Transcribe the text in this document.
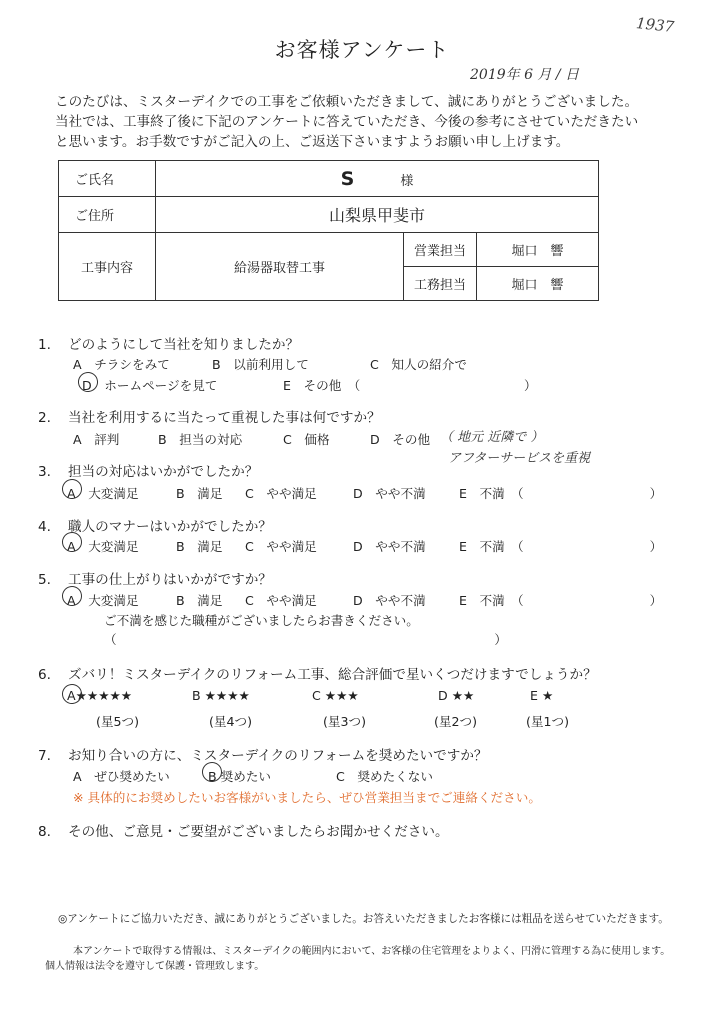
1937
お客様アンケート
2019年 6 月 / 日
このたびは、ミスターデイクでの工事をご依頼いただきまして、誠にありがとうございました。
当社では、工事終了後に下記のアンケートに答えていただき、今後の参考にさせていただきたい
と思います。お手数ですがご記入の上、ご返送下さいますようお願い申し上げます。
ご氏名	S 様		
ご住所	山梨県甲斐市		
工事内容	給湯器取替工事	営業担当	堀口　響
		工務担当	堀口　響
1. どのようにして当社を知りましたか？
A　チラシをみて	B　以前利用して	C　知人の紹介で
D　ホームページを見て	E　その他　（　　　　　　　　　　　　　）
2. 当社を利用するに当たって重視した事は何ですか？
A　評判	B　担当の対応	C　価格	D　その他 （ 地元 近隣で ）
アフターサービスを重視
3. 担当の対応はいかがでしたか？
A　大変満足	B　満足 C　やや満足	D　やや不満	E　不満　（　　　　　　　　　　）
4. 職人のマナーはいかがでしたか？
A　大変満足	B　満足 C　やや満足	D　やや不満	E　不満　（　　　　　　　　　　）
5. 工事の仕上がりはいかがですか？
A　大変満足	B　満足 C　やや満足	D　やや不満	E　不満　（　　　　　　　　　　）
ご不満を感じた職種がございましたらお書きください。
（　　　　　　　　　　　　　　　　　　　　　　　　　　　　　　）
6. ズバリ！ミスターデイクのリフォーム工事、総合評価で星いくつだけますでしょうか？
A★★★★★	B ★★★★	C ★★★	D ★★	E ★
(星5つ)	(星4つ)	(星3つ)	(星2つ)	(星1つ)
7. お知り合いの方に、ミスターデイクのリフォームを奨めたいですか？
A　ぜひ奨めたい	B 奨めたい	C　奨めたくない
※ 具体的にお奨めしたいお客様がいましたら、ぜひ営業担当までご連絡ください。
8. その他、ご意見・ご要望がございましたらお聞かせください。
◎アンケートにご協力いただき、誠にありがとうございました。お答えいただきましたお客様には粗品を送らせていただきます。
本アンケートで取得する情報は、ミスターデイクの範囲内において、お客様の住宅管理をよりよく、円滑に管理する為に使用します。
個人情報は法令を遵守して保護・管理致します。
